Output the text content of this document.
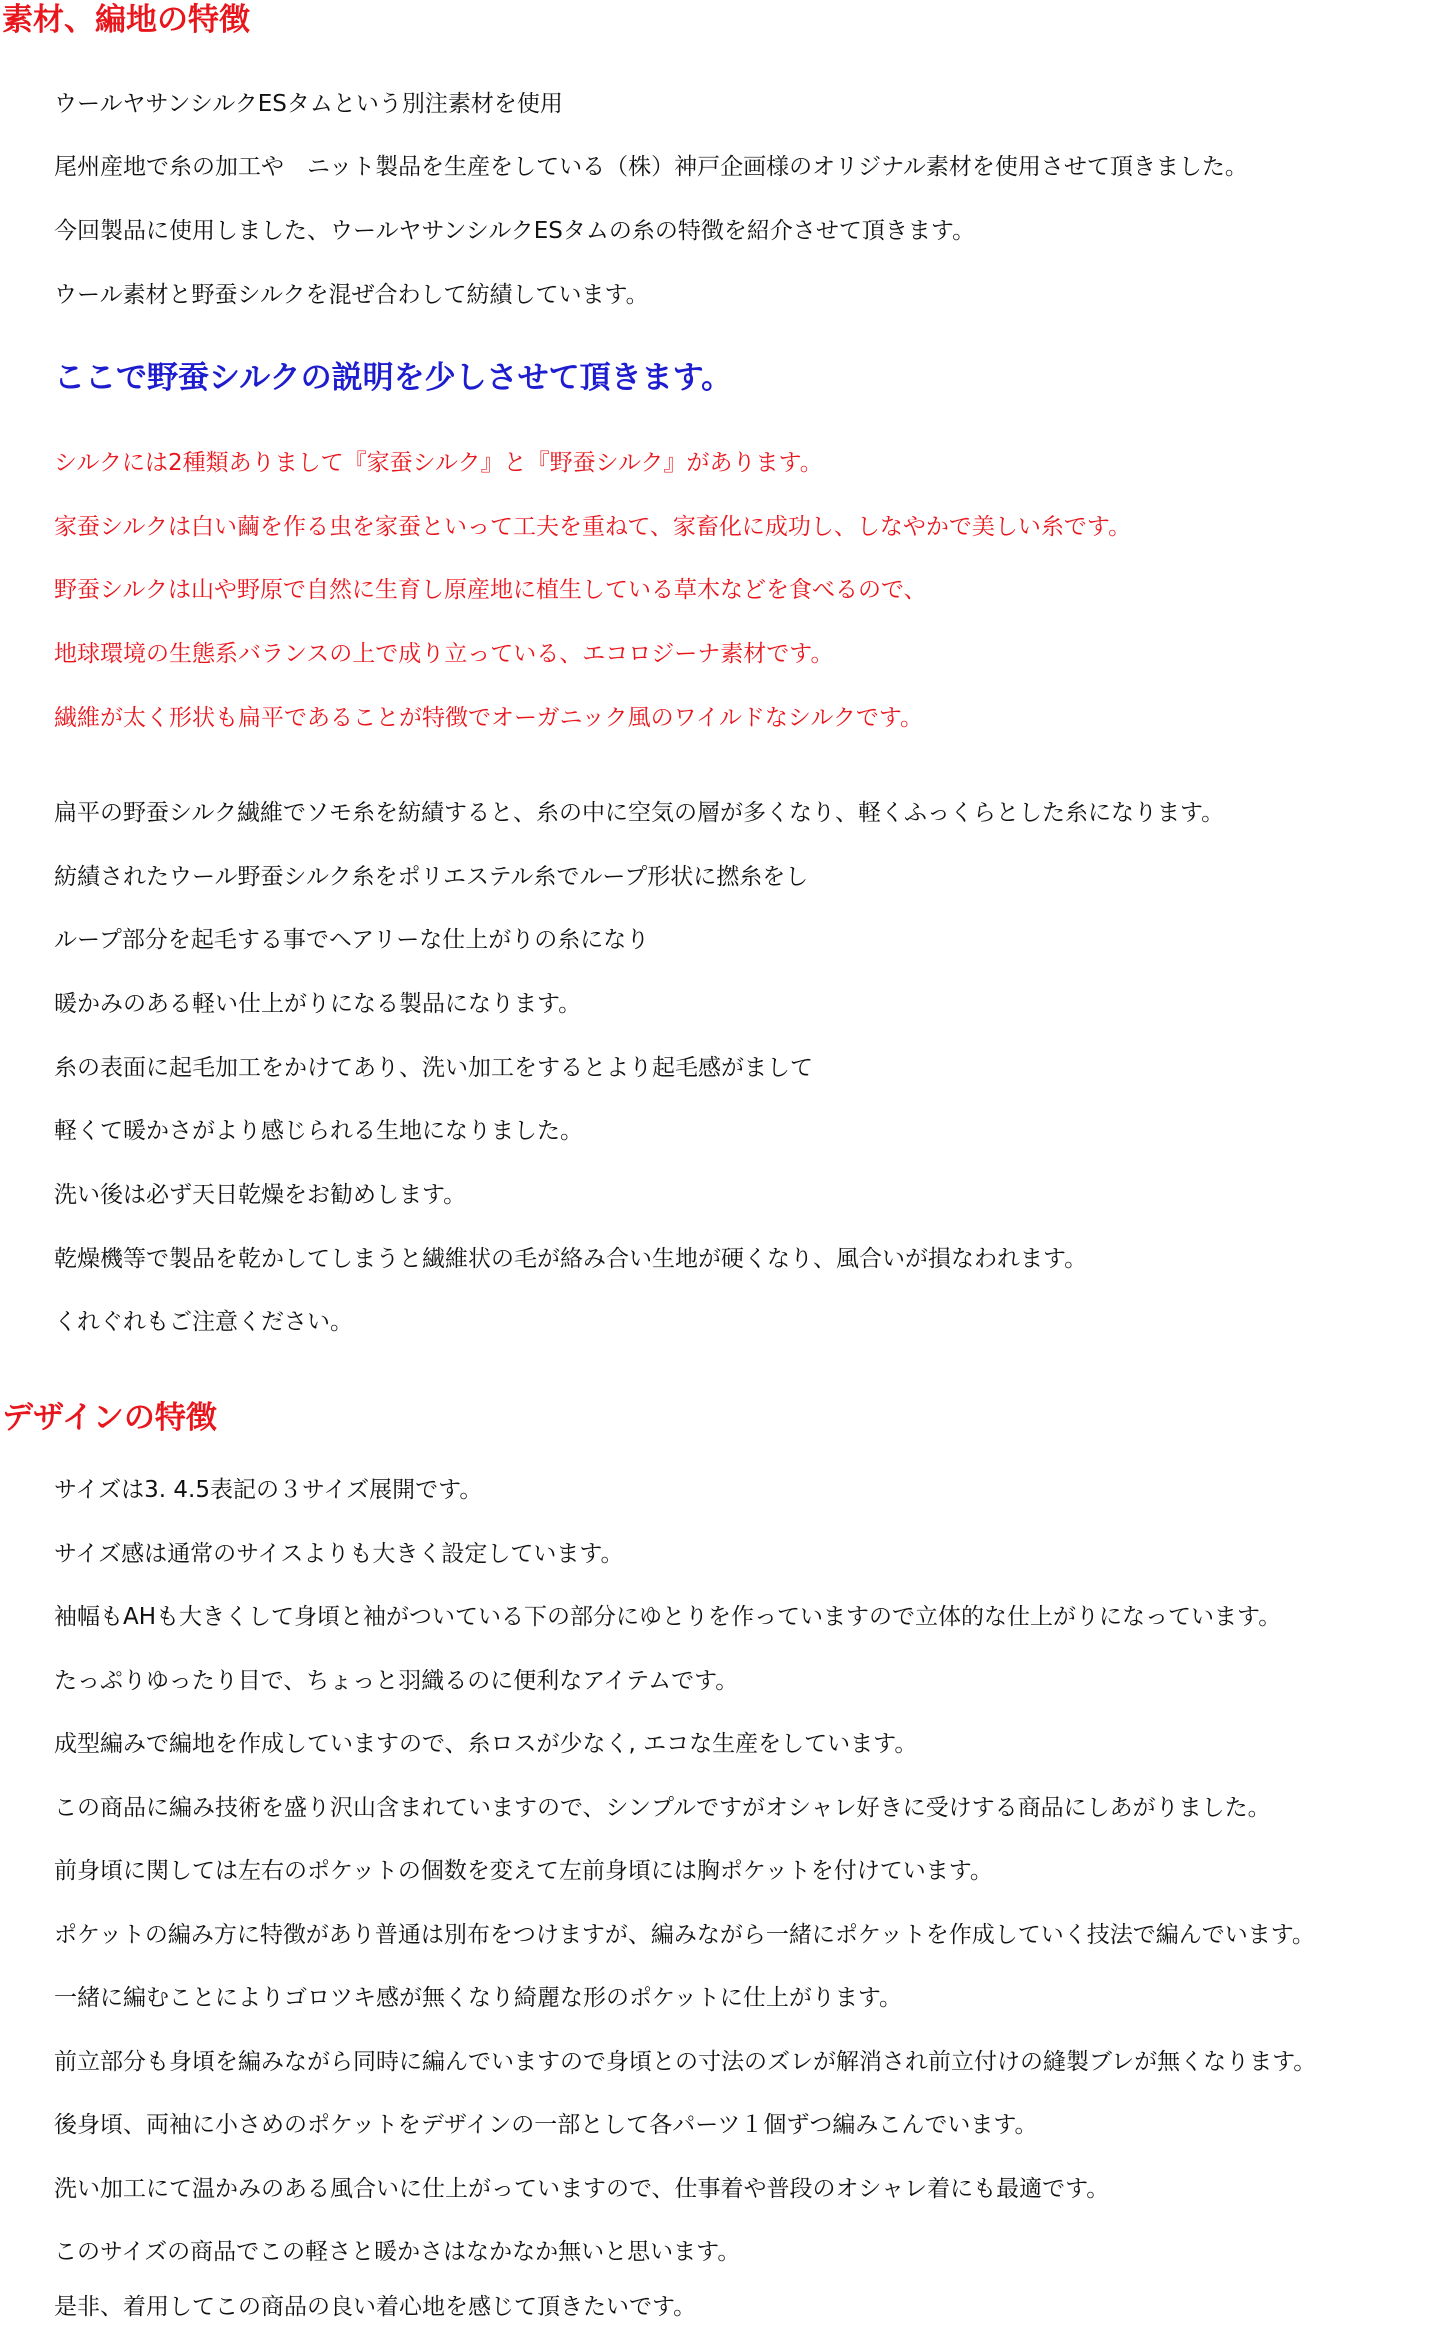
素材、編地の特徴

ウールヤサンシルクESタムという別注素材を使用

尾州産地で糸の加工や　ニット製品を生産をしている（株）神戸企画様のオリジナル素材を使用させて頂きました。

今回製品に使用しました、ウールヤサンシルクESタムの糸の特徴を紹介させて頂きます。

ウール素材と野蚕シルクを混ぜ合わして紡績しています。

ここで野蚕シルクの説明を少しさせて頂きます。

シルクには2種類ありまして『家蚕シルク』と『野蚕シルク』があります。

家蚕シルクは白い繭を作る虫を家蚕といって工夫を重ねて、家畜化に成功し、しなやかで美しい糸です。

野蚕シルクは山や野原で自然に生育し原産地に植生している草木などを食べるので、

地球環境の生態系バランスの上で成り立っている、エコロジーナ素材です。

繊維が太く形状も扁平であることが特徴でオーガニック風のワイルドなシルクです。

扁平の野蚕シルク繊維でソモ糸を紡績すると、糸の中に空気の層が多くなり、軽くふっくらとした糸になります。

紡績されたウール野蚕シルク糸をポリエステル糸でループ形状に撚糸をし

ループ部分を起毛する事でヘアリーな仕上がりの糸になり

暖かみのある軽い仕上がりになる製品になります。

糸の表面に起毛加工をかけてあり、洗い加工をするとより起毛感がまして

軽くて暖かさがより感じられる生地になりました。

洗い後は必ず天日乾燥をお勧めします。

乾燥機等で製品を乾かしてしまうと繊維状の毛が絡み合い生地が硬くなり、風合いが損なわれます。

くれぐれもご注意ください。

デザインの特徴

サイズは3. 4.5表記の３サイズ展開です。

サイズ感は通常のサイスよりも大きく設定しています。

袖幅もAHも大きくして身頃と袖がついている下の部分にゆとりを作っていますので立体的な仕上がりになっています。

たっぷりゆったり目で、ちょっと羽織るのに便利なアイテムです。

成型編みで編地を作成していますので、糸ロスが少なく, エコな生産をしています。

この商品に編み技術を盛り沢山含まれていますので、シンプルですがオシャレ好きに受けする商品にしあがりました。

前身頃に関しては左右のポケットの個数を変えて左前身頃には胸ポケットを付けています。

ポケットの編み方に特徴があり普通は別布をつけますが、編みながら一緒にポケットを作成していく技法で編んでいます。

一緒に編むことによりゴロツキ感が無くなり綺麗な形のポケットに仕上がります。

前立部分も身頃を編みながら同時に編んでいますので身頃との寸法のズレが解消され前立付けの縫製ブレが無くなります。

後身頃、両袖に小さめのポケットをデザインの一部として各パーツ１個ずつ編みこんでいます。

洗い加工にて温かみのある風合いに仕上がっていますので、仕事着や普段のオシャレ着にも最適です。

このサイズの商品でこの軽さと暖かさはなかなか無いと思います。

是非、着用してこの商品の良い着心地を感じて頂きたいです。
